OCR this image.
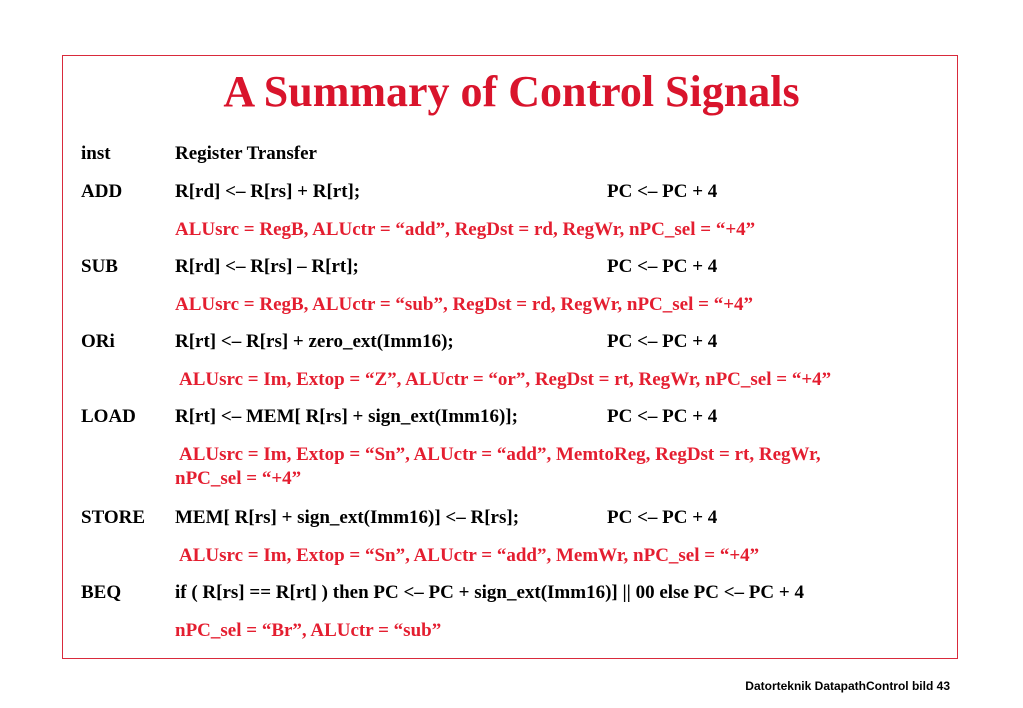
A Summary of Control Signals
inst	Register Transfer
ADD	R[rd] <– R[rs] + R[rt];	PC <– PC + 4
ALUsrc = RegB, ALUctr = “add”, RegDst = rd, RegWr, nPC_sel = “+4”
SUB	R[rd] <– R[rs] – R[rt];	PC <– PC + 4
ALUsrc = RegB, ALUctr = “sub”, RegDst = rd, RegWr, nPC_sel = “+4”
ORi	R[rt] <– R[rs] + zero_ext(Imm16);	PC <– PC + 4
ALUsrc = Im, Extop = “Z”, ALUctr = “or”, RegDst = rt, RegWr, nPC_sel = “+4”
LOAD R[rt] <– MEM[ R[rs] + sign_ext(Imm16)];	PC <– PC + 4
ALUsrc = Im, Extop = “Sn”, ALUctr = “add”, MemtoReg, RegDst = rt, RegWr,
nPC_sel = “+4”
STORE MEM[ R[rs] + sign_ext(Imm16)] <– R[rs];	PC <– PC + 4
ALUsrc = Im, Extop = “Sn”, ALUctr = “add”, MemWr, nPC_sel = “+4”
BEQ	if ( R[rs] == R[rt] ) then PC <– PC + sign_ext(Imm16)] || 00 else PC <– PC + 4
nPC_sel = “Br”, ALUctr = “sub”
Datorteknik DatapathControl bild 43
